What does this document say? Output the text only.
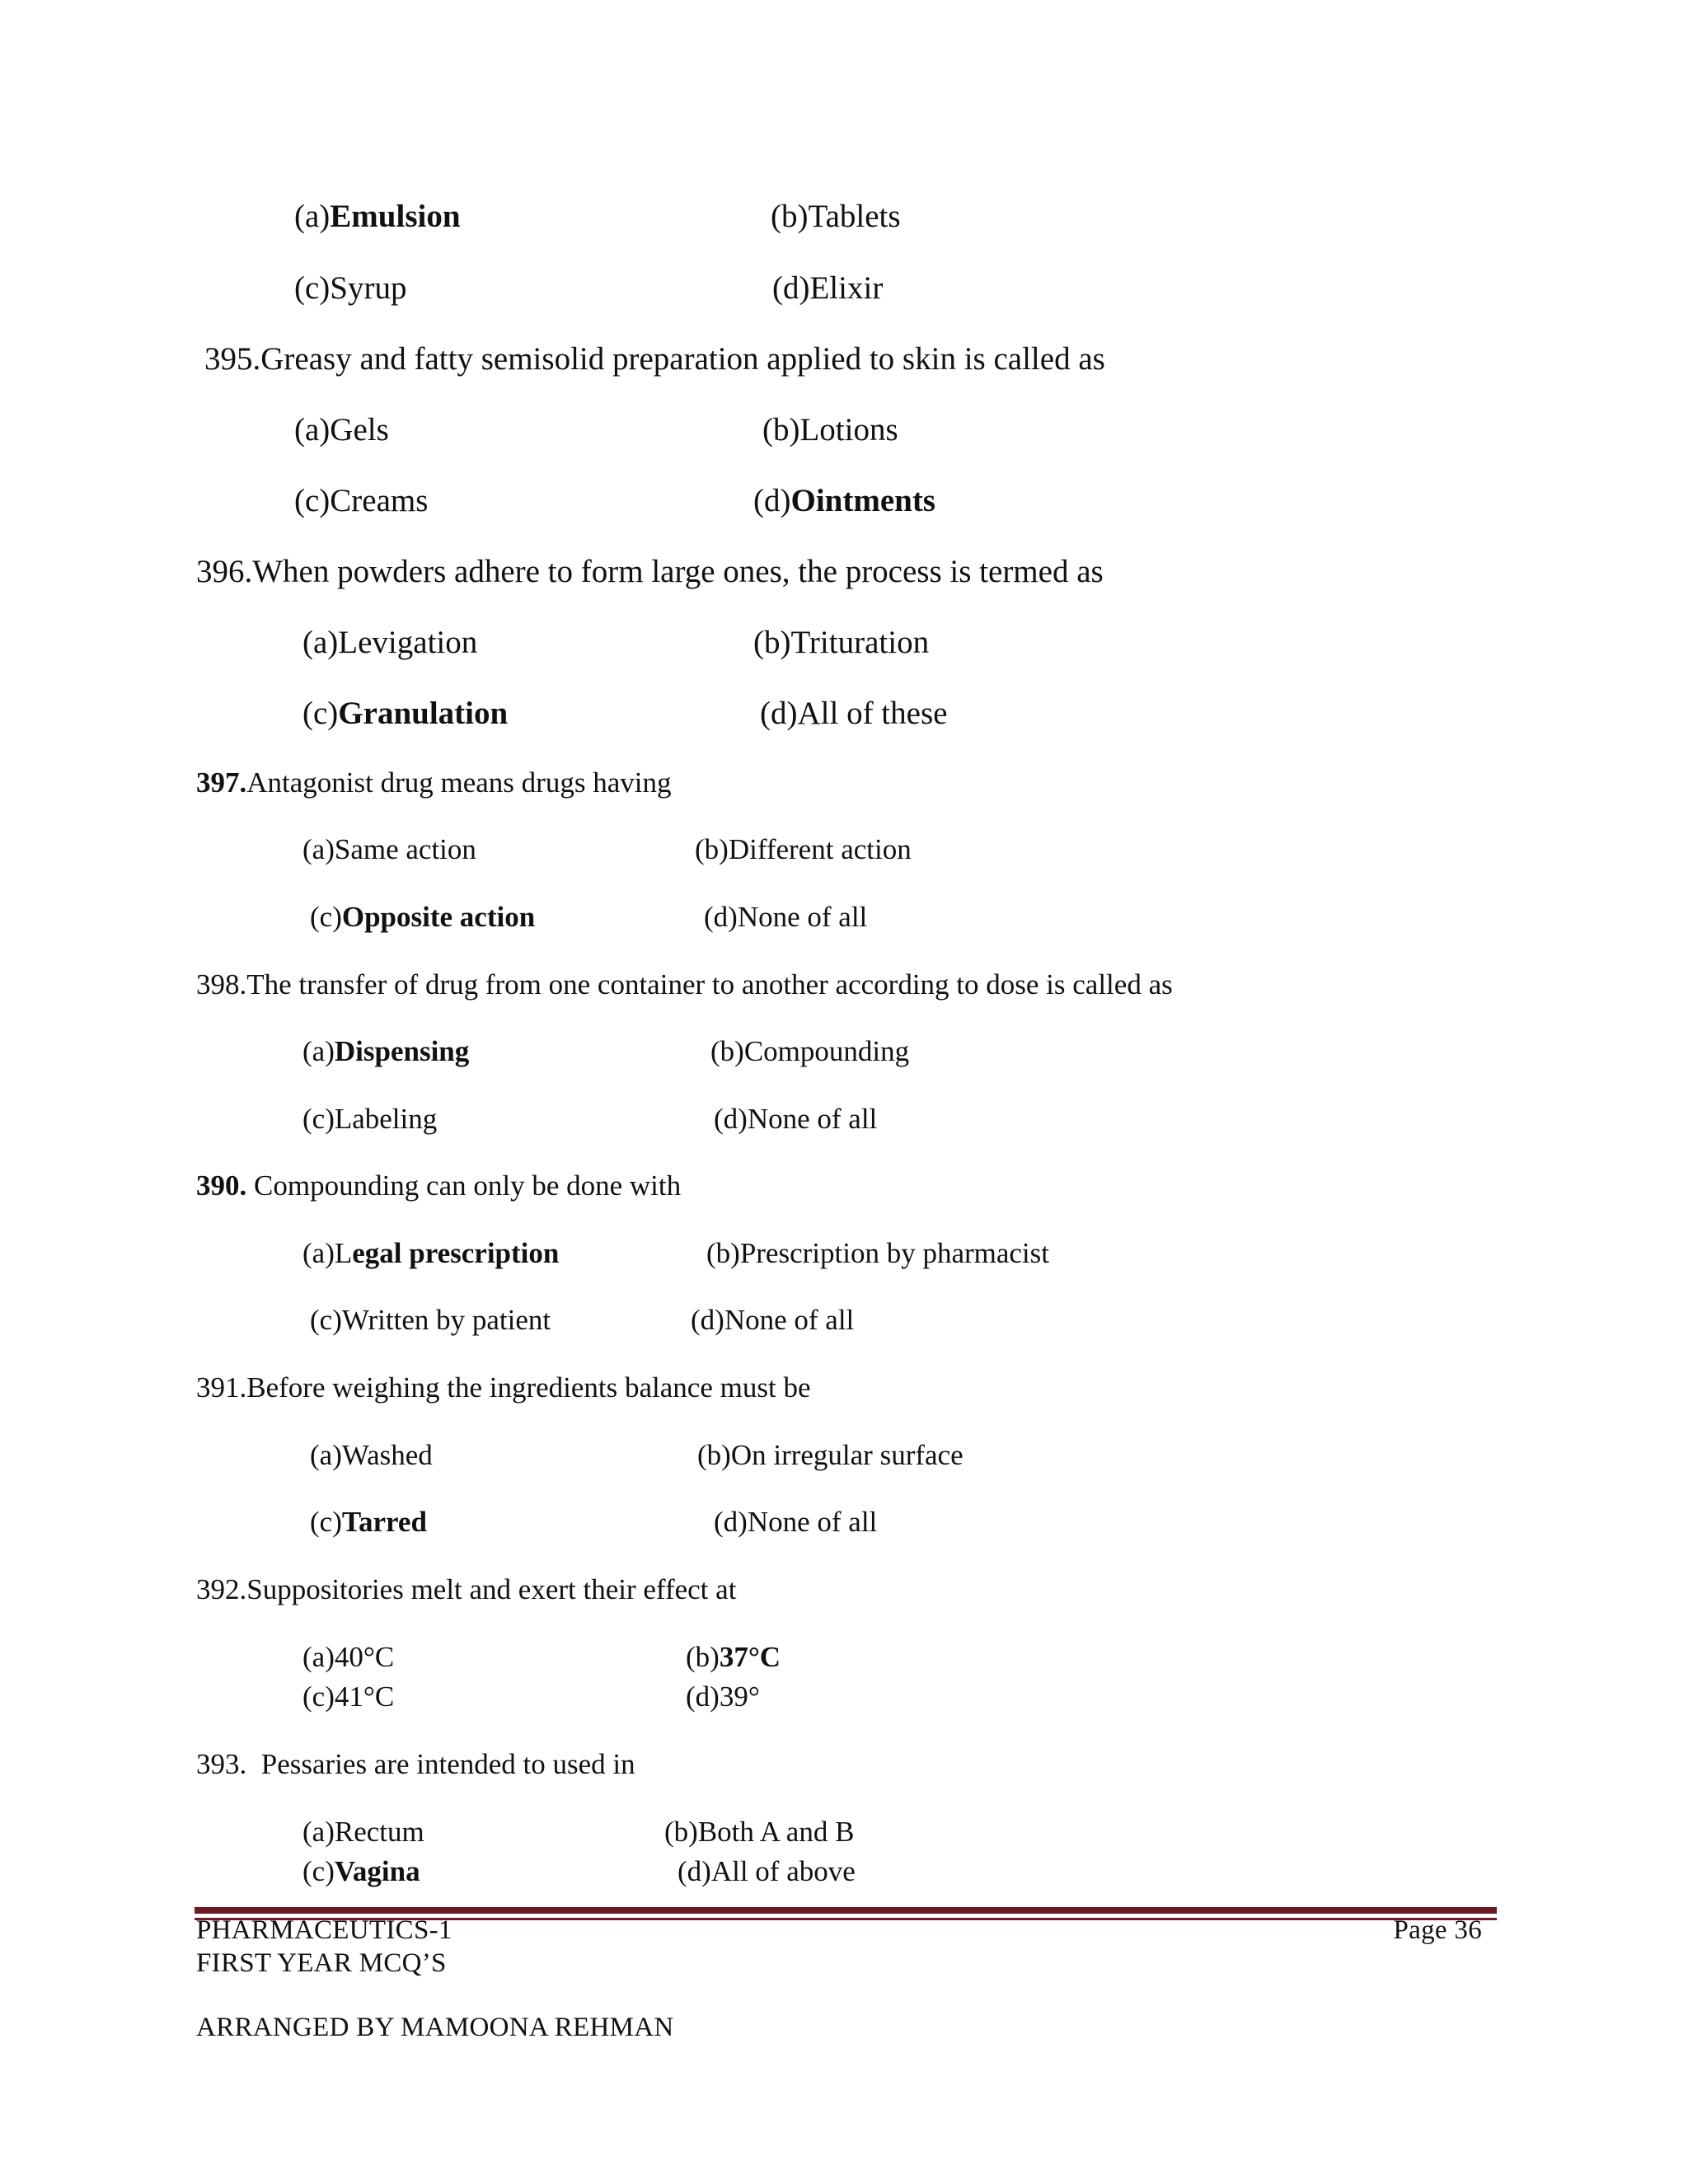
(a)Emulsion	(b)Tablets
(c)Syrup	(d)Elixir
395.Greasy and fatty semisolid preparation applied to skin is called as
(a)Gels	(b)Lotions
(c)Creams	(d)Ointments
396.When powders adhere to form large ones, the process is termed as
(a)Levigation	(b)Trituration
(c)Granulation	(d)All of these
397.Antagonist drug means drugs having
(a)Same action	(b)Different action
(c)Opposite action	(d)None of all
398.The transfer of drug from one container to another according to dose is called as
(a)Dispensing	(b)Compounding
(c)Labeling	(d)None of all
390. Compounding can only be done with
(a)Legal prescription	(b)Prescription by pharmacist
(c)Written by patient	(d)None of all
391.Before weighing the ingredients balance must be
(a)Washed	(b)On irregular surface
(c)Tarred	(d)None of all
392.Suppositories melt and exert their effect at
(a)40°C	(b)37°C
(c)41°C	(d)39°
393.  Pessaries are intended to used in
(a)Rectum	(b)Both A and B
(c)Vagina	(d)All of above
PHARMACEUTICS-1
FIRST YEAR MCQ’S
Page 36
ARRANGED BY MAMOONA REHMAN
